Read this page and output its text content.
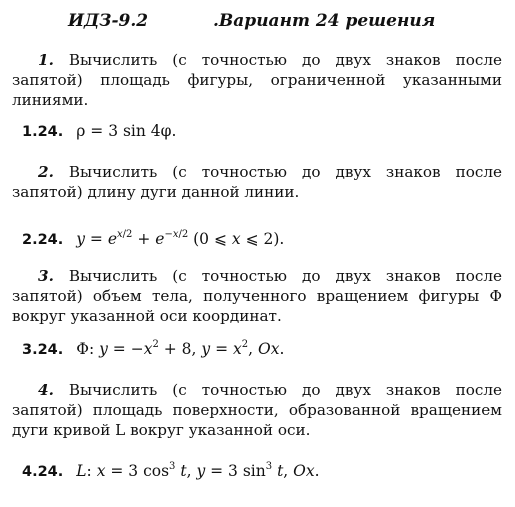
ИДЗ-9.2	.Вариант 24 решения
1. Вычислить (с точностью до двух знаков после запятой) площадь фигуры, ограниченной указанными линиями.
1.24. ρ = 3 sin 4φ.
2. Вычислить (с точностью до двух знаков после запятой) длину дуги данной линии.
2.24. $y = e^{x/2} + e^{-x/2}$ (0 ⩽ x ⩽ 2).
3. Вычислить (с точностью до двух знаков после запятой) объем тела, полученного вращением фигуры Φ вокруг указанной оси координат.
3.24. Φ: $y = -x^2 + 8$, $y = x^2$, Ox.
4. Вычислить (с точностью до двух знаков после запятой) площадь поверхности, образованной вращением дуги кривой L вокруг указанной оси.
4.24. L: x = 3 $\cos^3 t$, y = 3 $\sin^3 t$, Ox.
